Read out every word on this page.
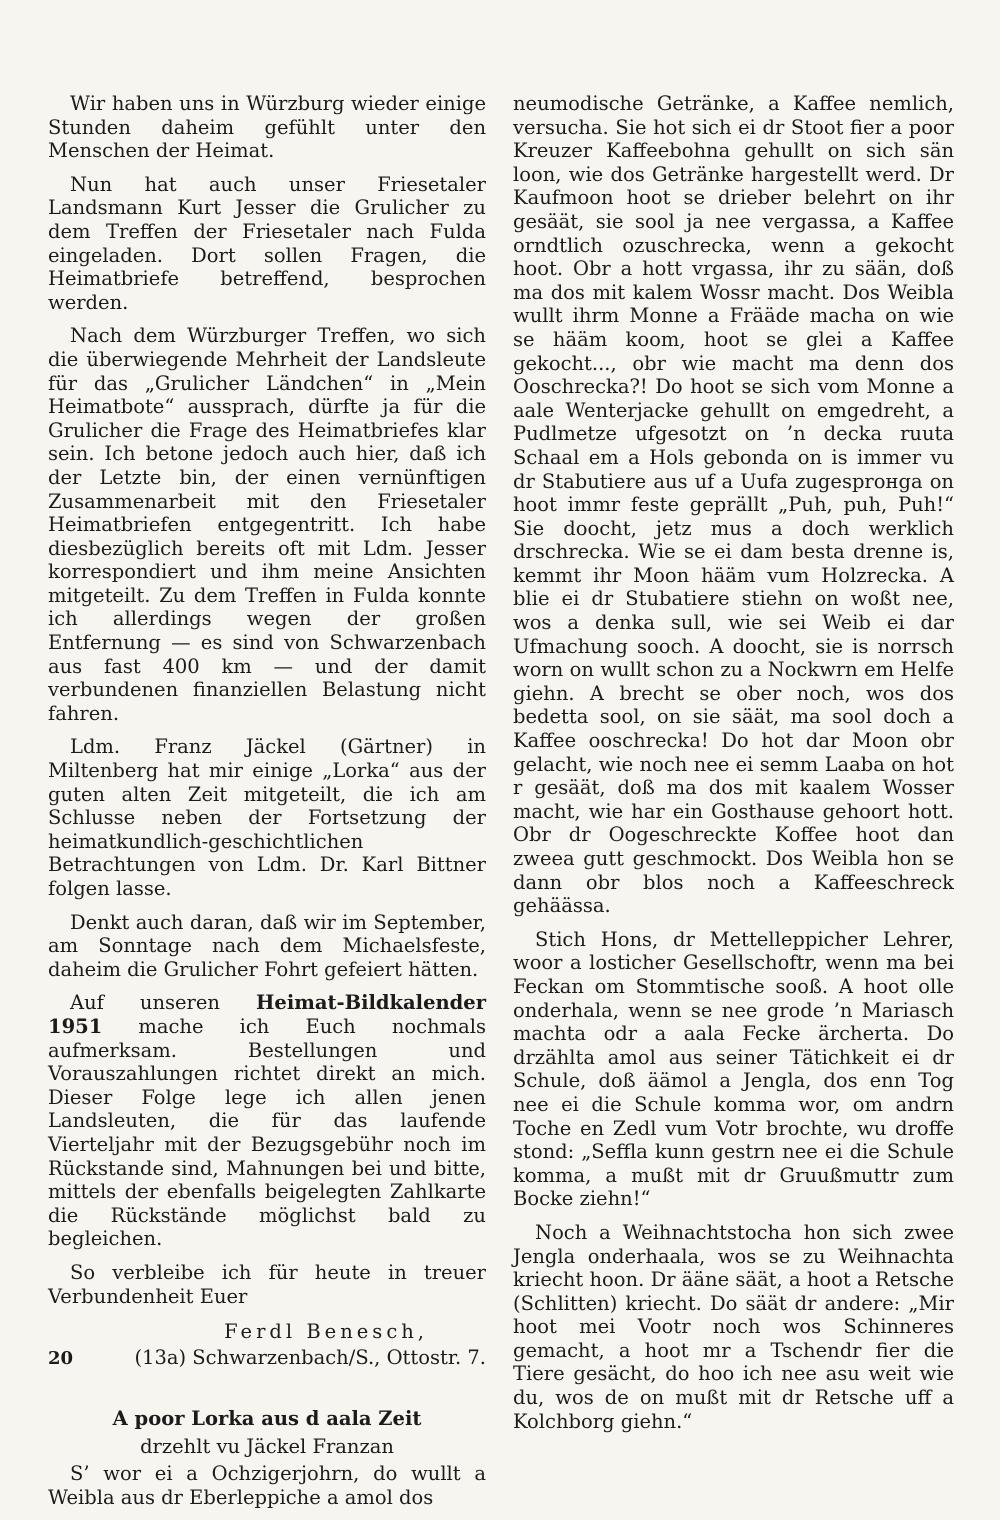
Wir haben uns in Würzburg wieder einige Stunden daheim gefühlt unter den Menschen der Heimat.

Nun hat auch unser Friesetaler Landsmann Kurt Jesser die Grulicher zu dem Treffen der Friesetaler nach Fulda eingeladen. Dort sollen Fragen, die Heimatbriefe betreffend, besprochen werden.

Nach dem Würzburger Treffen, wo sich die überwiegende Mehrheit der Landsleute für das „Grulicher Ländchen“ in „Mein Heimatbote“ aussprach, dürfte ja für die Grulicher die Frage des Heimatbriefes klar sein. Ich betone jedoch auch hier, daß ich der Letzte bin, der einen vernünftigen Zusammenarbeit mit den Friesetaler Heimatbriefen entgegentritt. Ich habe diesbezüglich bereits oft mit Ldm. Jesser korrespondiert und ihm meine Ansichten mitgeteilt. Zu dem Treffen in Fulda konnte ich allerdings wegen der großen Entfernung — es sind von Schwarzenbach aus fast 400 km — und der damit verbundenen finanziellen Belastung nicht fahren.

Ldm. Franz Jäckel (Gärtner) in Miltenberg hat mir einige „Lorka“ aus der guten alten Zeit mitgeteilt, die ich am Schlusse neben der Fortsetzung der heimatkundlich-geschichtlichen Betrachtungen von Ldm. Dr. Karl Bittner folgen lasse.

Denkt auch daran, daß wir im September, am Sonntage nach dem Michaelsfeste, daheim die Grulicher Fohrt gefeiert hätten.

Auf unseren Heimat-Bildkalender 1951 mache ich Euch nochmals aufmerksam. Bestellungen und Vorauszahlungen richtet direkt an mich. Dieser Folge lege ich allen jenen Landsleuten, die für das laufende Vierteljahr mit der Bezugsgebühr noch im Rückstande sind, Mahnungen bei und bitte, mittels der ebenfalls beigelegten Zahlkarte die Rückstände möglichst bald zu begleichen.

So verbleibe ich für heute in treuer Verbundenheit Euer

Ferdl Benesch,
(13a) Schwarzenbach/S., Ottostr. 7.
A poor Lorka aus d aala Zeit
drzehlt vu Jäckel Franzan

S’ wor ei a Ochzigerjohrn, do wullt a Weibla aus dr Eberleppiche a amol dos

neumodische Getränke, a Kaffee nemlich, versucha. Sie hot sich ei dr Stoot fier a poor Kreuzer Kaffeebohna gehullt on sich sän loon, wie dos Getränke hargestellt werd. Dr Kaufmoon hoot se drieber belehrt on ihr gesäät, sie sool ja nee vergassa, a Kaffee orndtlich ozuschrecka, wenn a gekocht hoot. Obr a hott vrgassa, ihr zu sään, doß ma dos mit kalem Wossr macht. Dos Weibla wullt ihrm Monne a Frääde macha on wie se hääm koom, hoot se glei a Kaffee gekocht..., obr wie macht ma denn dos Ooschrecka?! Do hoot se sich vom Monne a aale Wenterjacke gehullt on emgedreht, a Pudlmetze ufgesotzt on ’n decka ruuta Schaal em a Hols gebonda on is immer vu dr Stabutiere aus uf a Uufa zugesprонga on hoot immr feste geprällt „Puh, puh, Puh!“ Sie doocht, jetz mus a doch werklich drschrecka. Wie se ei dam besta drenne is, kemmt ihr Moon hääm vum Holzrecka. A blie ei dr Stubatiere stiehn on woßt nee, wos a denka sull, wie sei Weib ei dar Ufmachung sooch. A doocht, sie is norrsch worn on wullt schon zu a Nockwrn em Helfe giehn. A brecht se ober noch, wos dos bedetta sool, on sie säät, ma sool doch a Kaffee ooschrecka! Do hot dar Moon obr gelacht, wie noch nee ei semm Laaba on hot r gesäät, doß ma dos mit kaalem Wosser macht, wie har ein Gosthause gehoort hott. Obr dr Oogeschreckte Koffee hoot dan zweea gutt geschmockt. Dos Weibla hon se dann obr blos noch a Kaffeeschreck gehäässa.

Stich Hons, dr Mettelleppicher Lehrer, woor a losticher Gesellschoftr, wenn ma bei Feckan om Stommtische sooß. A hoot olle onderhala, wenn se nee grode ’n Mariasch machta odr a aala Fecke ärcherta. Do drzählta amol aus seiner Tätichkeit ei dr Schule, doß äämol a Jengla, dos enn Tog nee ei die Schule komma wor, om andrn Toche en Zedl vum Votr brochte, wu droffe stond: „Seffla kunn gestrn nee ei die Schule komma, a mußt mit dr Gruußmuttr zum Bocke ziehn!“

Noch a Weihnachtstocha hon sich zwee Jengla onderhaala, wos se zu Weihnachta kriecht hoon. Dr ääne säät, a hoot a Retsche (Schlitten) kriecht. Do säät dr andere: „Mir hoot mei Vootr noch wos Schinneres gemacht, a hoot mr a Tschendr fier die Tiere gesächt, do hoo ich nee asu weit wie du, wos de on mußt mit dr Retsche uff a Kolchborg giehn.“

20
